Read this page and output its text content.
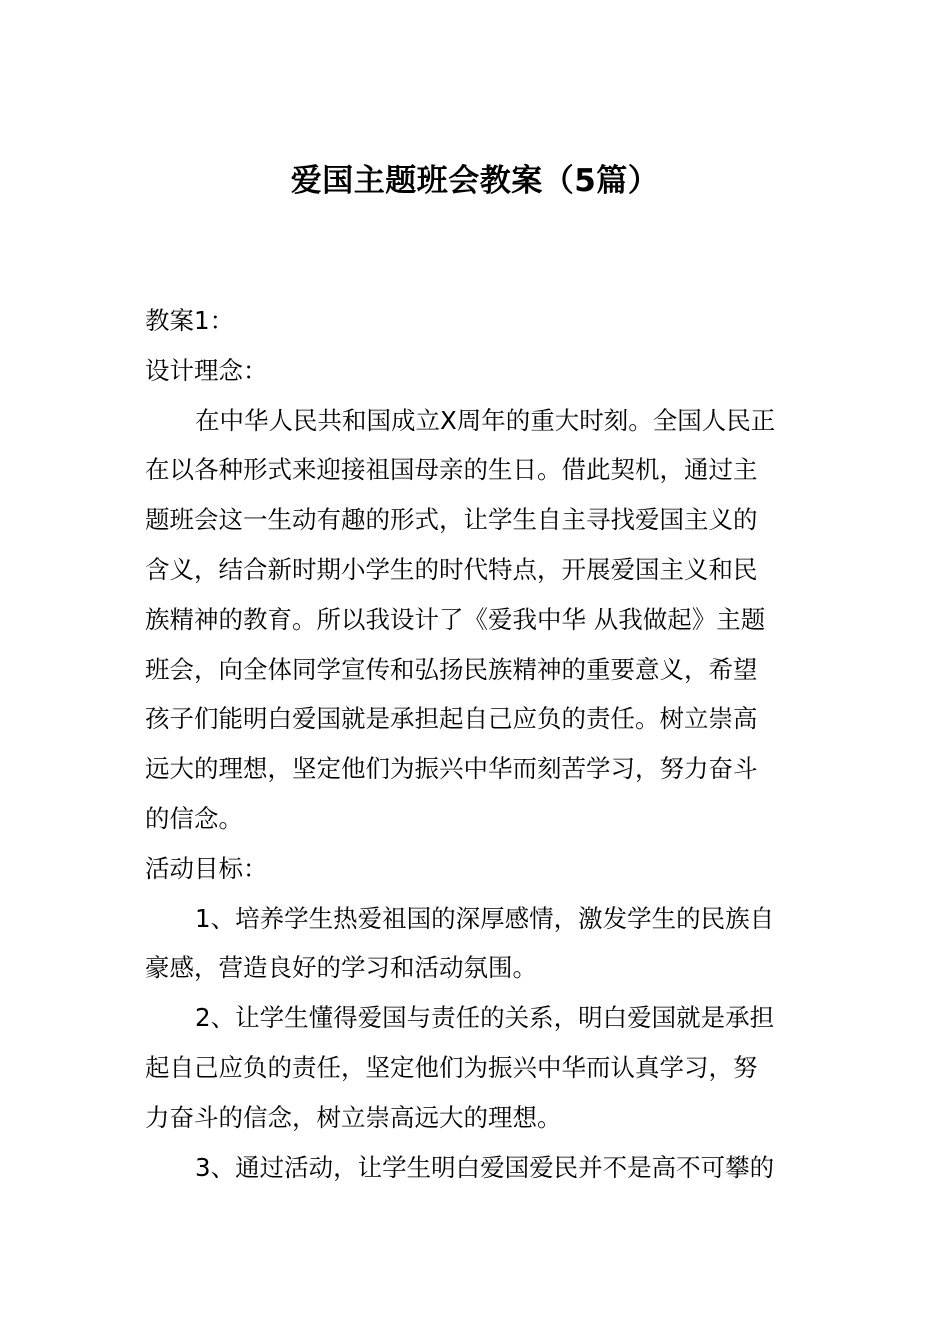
爱国主题班会教案（5篇）
教案1：
设计理念：
在中华人民共和国成立X周年的重大时刻。全国人民正
在以各种形式来迎接祖国母亲的生日。借此契机，通过主
题班会这一生动有趣的形式，让学生自主寻找爱国主义的
含义，结合新时期小学生的时代特点，开展爱国主义和民
族精神的教育。所以我设计了《爱我中华 从我做起》主题
班会，向全体同学宣传和弘扬民族精神的重要意义，希望
孩子们能明白爱国就是承担起自己应负的责任。树立崇高
远大的理想，坚定他们为振兴中华而刻苦学习，努力奋斗
的信念。
活动目标：
1、培养学生热爱祖国的深厚感情，激发学生的民族自
豪感，营造良好的学习和活动氛围。
2、让学生懂得爱国与责任的关系，明白爱国就是承担
起自己应负的责任，坚定他们为振兴中华而认真学习，努
力奋斗的信念，树立崇高远大的理想。
3、通过活动，让学生明白爱国爱民并不是高不可攀的
